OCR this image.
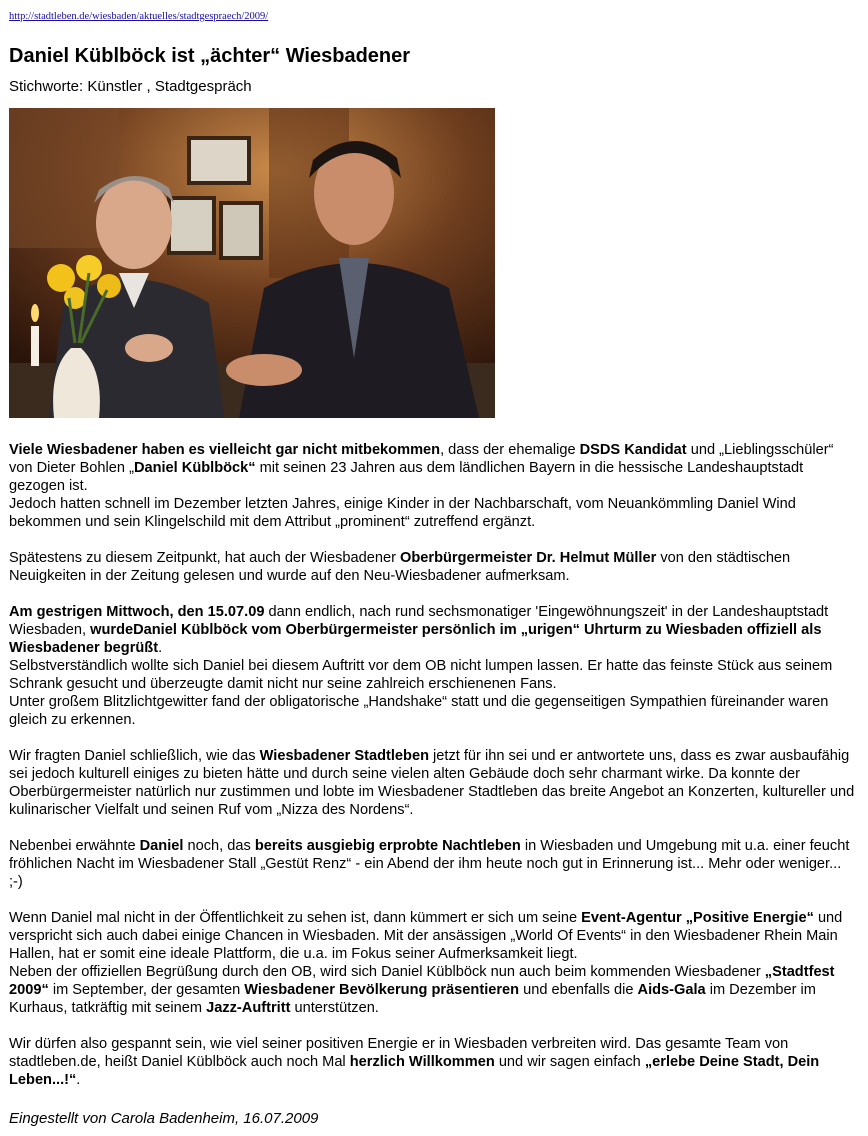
http://stadtleben.de/wiesbaden/aktuelles/stadtgespraech/2009/
Daniel Küblböck ist „ächter“ Wiesbadener
Stichworte: Künstler , Stadtgespräch

Viele Wiesbadener haben es vielleicht gar nicht mitbekommen, dass der ehemalige DSDS Kandidat und „Lieblingsschüler“ von Dieter Bohlen „Daniel Küblböck“ mit seinen 23 Jahren aus dem ländlichen Bayern in die hessische Landeshauptstadt gezogen ist.
Jedoch hatten schnell im Dezember letzten Jahres, einige Kinder in der Nachbarschaft, vom Neuankömmling Daniel Wind bekommen und sein Klingelschild mit dem Attribut „prominent“ zutreffend ergänzt.

Spätestens zu diesem Zeitpunkt, hat auch der Wiesbadener Oberbürgermeister Dr. Helmut Müller von den städtischen Neuigkeiten in der Zeitung gelesen und wurde auf den Neu-Wiesbadener aufmerksam.

Am gestrigen Mittwoch, den 15.07.09 dann endlich, nach rund sechsmonatiger 'Eingewöhnungszeit' in der Landeshauptstadt Wiesbaden, wurdeDaniel Küblböck vom Oberbürgermeister persönlich im „urigen“ Uhrturm zu Wiesbaden offiziell als Wiesbadener begrüßt.
Selbstverständlich wollte sich Daniel bei diesem Auftritt vor dem OB nicht lumpen lassen. Er hatte das feinste Stück aus seinem Schrank gesucht und überzeugte damit nicht nur seine zahlreich erschienenen Fans.
Unter großem Blitzlichtgewitter fand der obligatorische „Handshake“ statt und die gegenseitigen Sympathien füreinander waren gleich zu erkennen.

Wir fragten Daniel schließlich, wie das Wiesbadener Stadtleben jetzt für ihn sei und er antwortete uns, dass es zwar ausbaufähig sei jedoch kulturell einiges zu bieten hätte und durch seine vielen alten Gebäude doch sehr charmant wirke. Da konnte der Oberbürgermeister natürlich nur zustimmen und lobte im Wiesbadener Stadtleben das breite Angebot an Konzerten, kultureller und kulinarischer Vielfalt und seinen Ruf vom „Nizza des Nordens“.

Nebenbei erwähnte Daniel noch, das bereits ausgiebig erprobte Nachtleben in Wiesbaden und Umgebung mit u.a. einer feucht fröhlichen Nacht im Wiesbadener Stall „Gestüt Renz“ - ein Abend der ihm heute noch gut in Erinnerung ist... Mehr oder weniger... ;-)

Wenn Daniel mal nicht in der Öffentlichkeit zu sehen ist, dann kümmert er sich um seine Event-Agentur „Positive Energie“ und verspricht sich auch dabei einige Chancen in Wiesbaden. Mit der ansässigen „World Of Events“ in den Wiesbadener Rhein Main Hallen, hat er somit eine ideale Plattform, die u.a. im Fokus seiner Aufmerksamkeit liegt.
Neben der offiziellen Begrüßung durch den OB, wird sich Daniel Küblböck nun auch beim kommenden Wiesbadener „Stadtfest 2009“ im September, der gesamten Wiesbadener Bevölkerung präsentieren und ebenfalls die Aids-Gala im Dezember im Kurhaus, tatkräftig mit seinem Jazz-Auftritt unterstützen.

Wir dürfen also gespannt sein, wie viel seiner positiven Energie er in Wiesbaden verbreiten wird. Das gesamte Team von stadtleben.de, heißt Daniel Küblböck auch noch Mal herzlich Willkommen und wir sagen einfach „erlebe Deine Stadt, Dein Leben...!“.

Eingestellt von Carola Badenheim, 16.07.2009
